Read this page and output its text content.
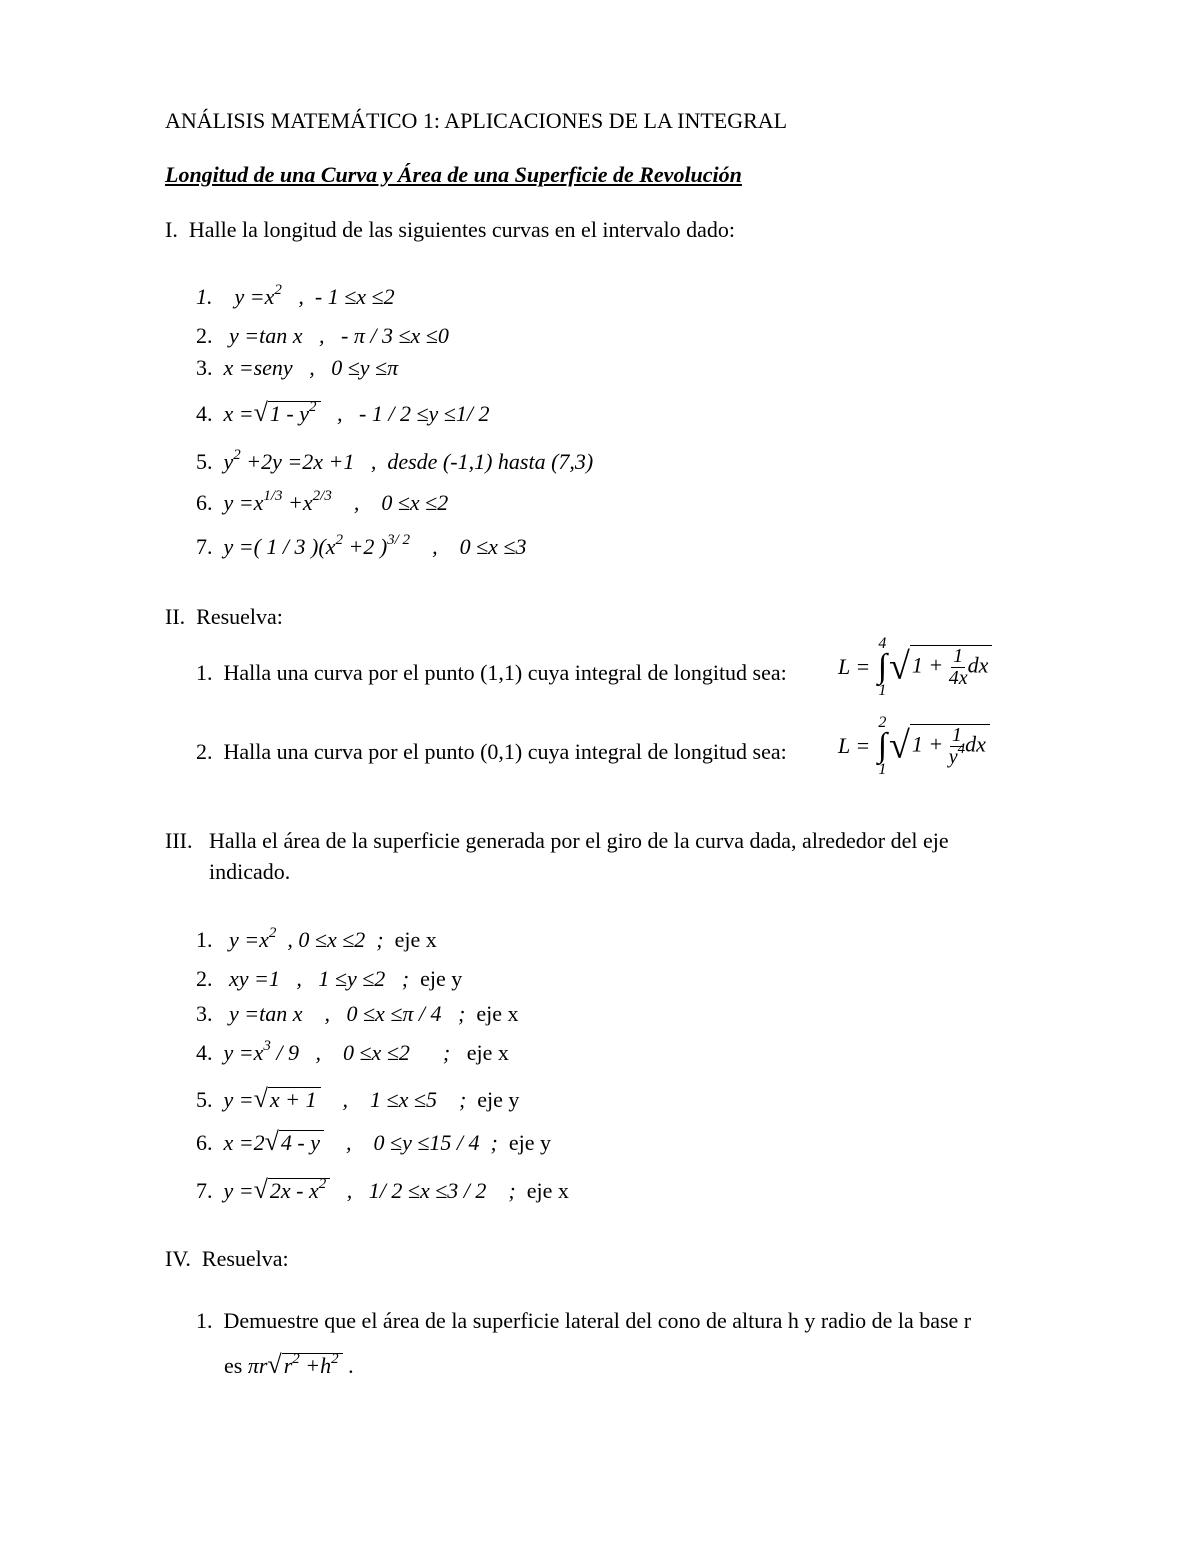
ANÁLISIS MATEMÁTICO 1: APLICACIONES DE LA INTEGRAL
Longitud de una Curva y Área de una Superficie de Revolución
I. Halle la longitud de las siguientes curvas en el intervalo dado:
1.    $y =x^2$   ,  - 1 ≤x ≤2
2.   y =tan x   ,   - π / 3 ≤x ≤0
3.  x =seny   ,   0 ≤y ≤π
4.  $x =√1 - y^2$   ,   - 1 / 2 ≤y ≤1/ 2
5.  $y^2 +2y =2x +1$   ,  desde (-1,1) hasta (7,3)
6.  $y =x^{1/3} +x^{2/3}$    ,    0 ≤x ≤2
7.  y =( 1 / 3 )($x^2 +2$ )$^{3/ 2}$    ,    0 ≤x ≤3
II. Resuelva:
1. Halla una curva por el punto (1,1) cuya integral de longitud sea: L =
4
∫
1
$√1 + \frac{1}{4x}$ dx
2. Halla una curva por el punto (0,1) cuya integral de longitud sea: L =
2
∫
1
$√1 + \frac{1}{y^4}$ dx
III. Halla el área de la superficie generada por el giro de la curva dada, alrededor del eje
indicado.
1. $y =x^2$  , 0 ≤x ≤2  ; eje x
2. xy =1   ,   1 ≤y ≤2   ; eje y
3. y =tan x    ,   0 ≤x ≤π / 4   ; eje x
4. $y =x^3 / 9$   ,    0 ≤x ≤2      ; eje x
5. y =√x + 1    ,    1 ≤x ≤5    ; eje y
6. x =2√4 - y    ,    0 ≤y ≤15 / 4  ; eje y
7. $y =√2x - x^2$   ,   1/ 2 ≤x ≤3 / 2    ; eje x
IV. Resuelva:
1. Demuestre que el área de la superficie lateral del cono de altura h y radio de la base r
es $\pi r√r^2 +h^2$ .
